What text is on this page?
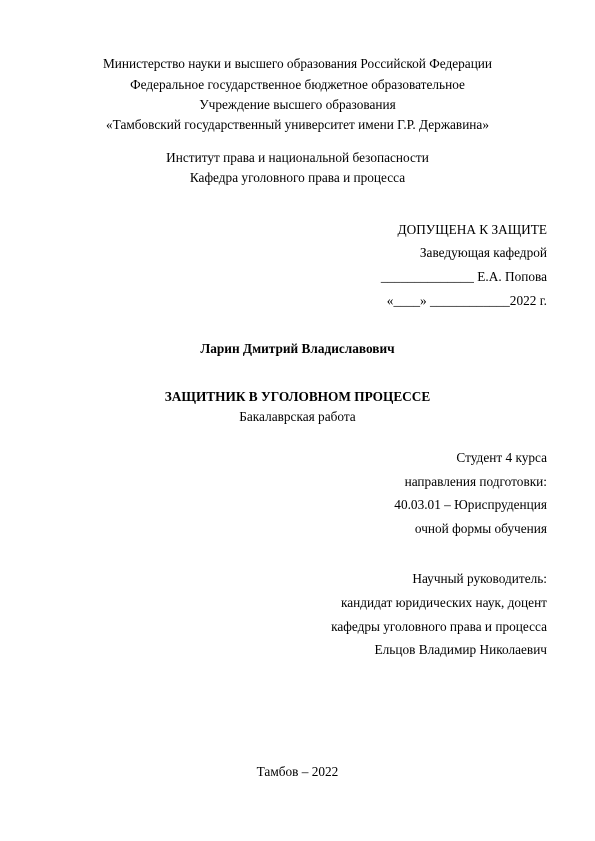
Министерство науки и высшего образования Российской Федерации
Федеральное государственное бюджетное образовательное
Учреждение высшего образования
«Тамбовский государственный университет имени Г.Р. Державина»
Институт права и национальной безопасности
Кафедра уголовного права и процесса
ДОПУЩЕНА К ЗАЩИТЕ
Заведующая кафедрой
______________ Е.А. Попова
«____» ____________2022 г.
Ларин Дмитрий Владиславович
ЗАЩИТНИК В УГОЛОВНОМ ПРОЦЕССЕ
Бакалаврская работа
Студент 4 курса
направления подготовки:
40.03.01 – Юриспруденция
очной формы обучения
Научный руководитель:
кандидат юридических наук, доцент
кафедры уголовного права и процесса
Ельцов Владимир Николаевич
Тамбов – 2022
